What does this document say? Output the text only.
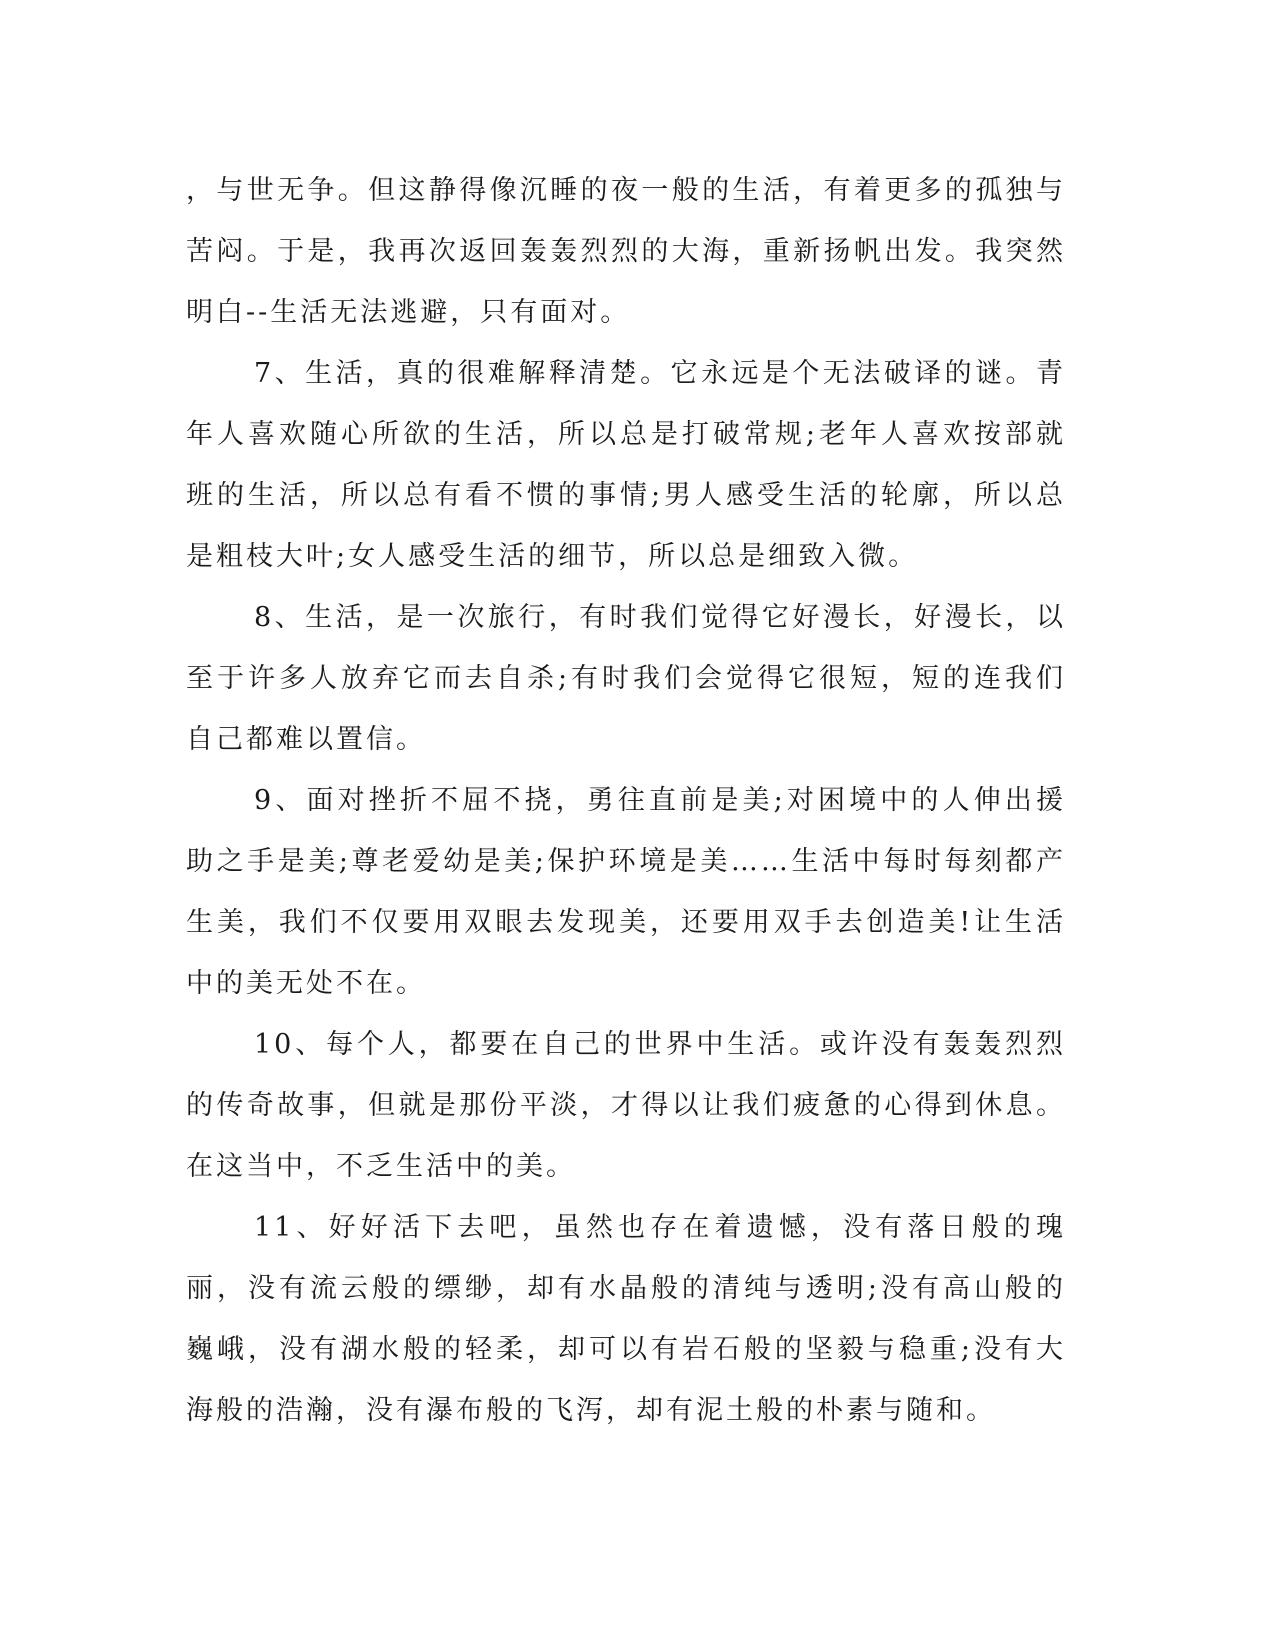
，与世无争。但这静得像沉睡的夜一般的生活，有着更多的孤独与苦闷。于是，我再次返回轰轰烈烈的大海，重新扬帆出发。我突然明白--生活无法逃避，只有面对。

7、生活，真的很难解释清楚。它永远是个无法破译的谜。青年人喜欢随心所欲的生活，所以总是打破常规;老年人喜欢按部就班的生活，所以总有看不惯的事情;男人感受生活的轮廓，所以总是粗枝大叶;女人感受生活的细节，所以总是细致入微。

8、生活，是一次旅行，有时我们觉得它好漫长，好漫长，以至于许多人放弃它而去自杀;有时我们会觉得它很短，短的连我们自己都难以置信。

9、面对挫折不屈不挠，勇往直前是美;对困境中的人伸出援助之手是美;尊老爱幼是美;保护环境是美……生活中每时每刻都产生美，我们不仅要用双眼去发现美，还要用双手去创造美!让生活中的美无处不在。

10、每个人，都要在自己的世界中生活。或许没有轰轰烈烈的传奇故事，但就是那份平淡，才得以让我们疲惫的心得到休息。在这当中，不乏生活中的美。

11、好好活下去吧，虽然也存在着遗憾，没有落日般的瑰丽，没有流云般的缥缈，却有水晶般的清纯与透明;没有高山般的巍峨，没有湖水般的轻柔，却可以有岩石般的坚毅与稳重;没有大海般的浩瀚，没有瀑布般的飞泻，却有泥土般的朴素与随和。
